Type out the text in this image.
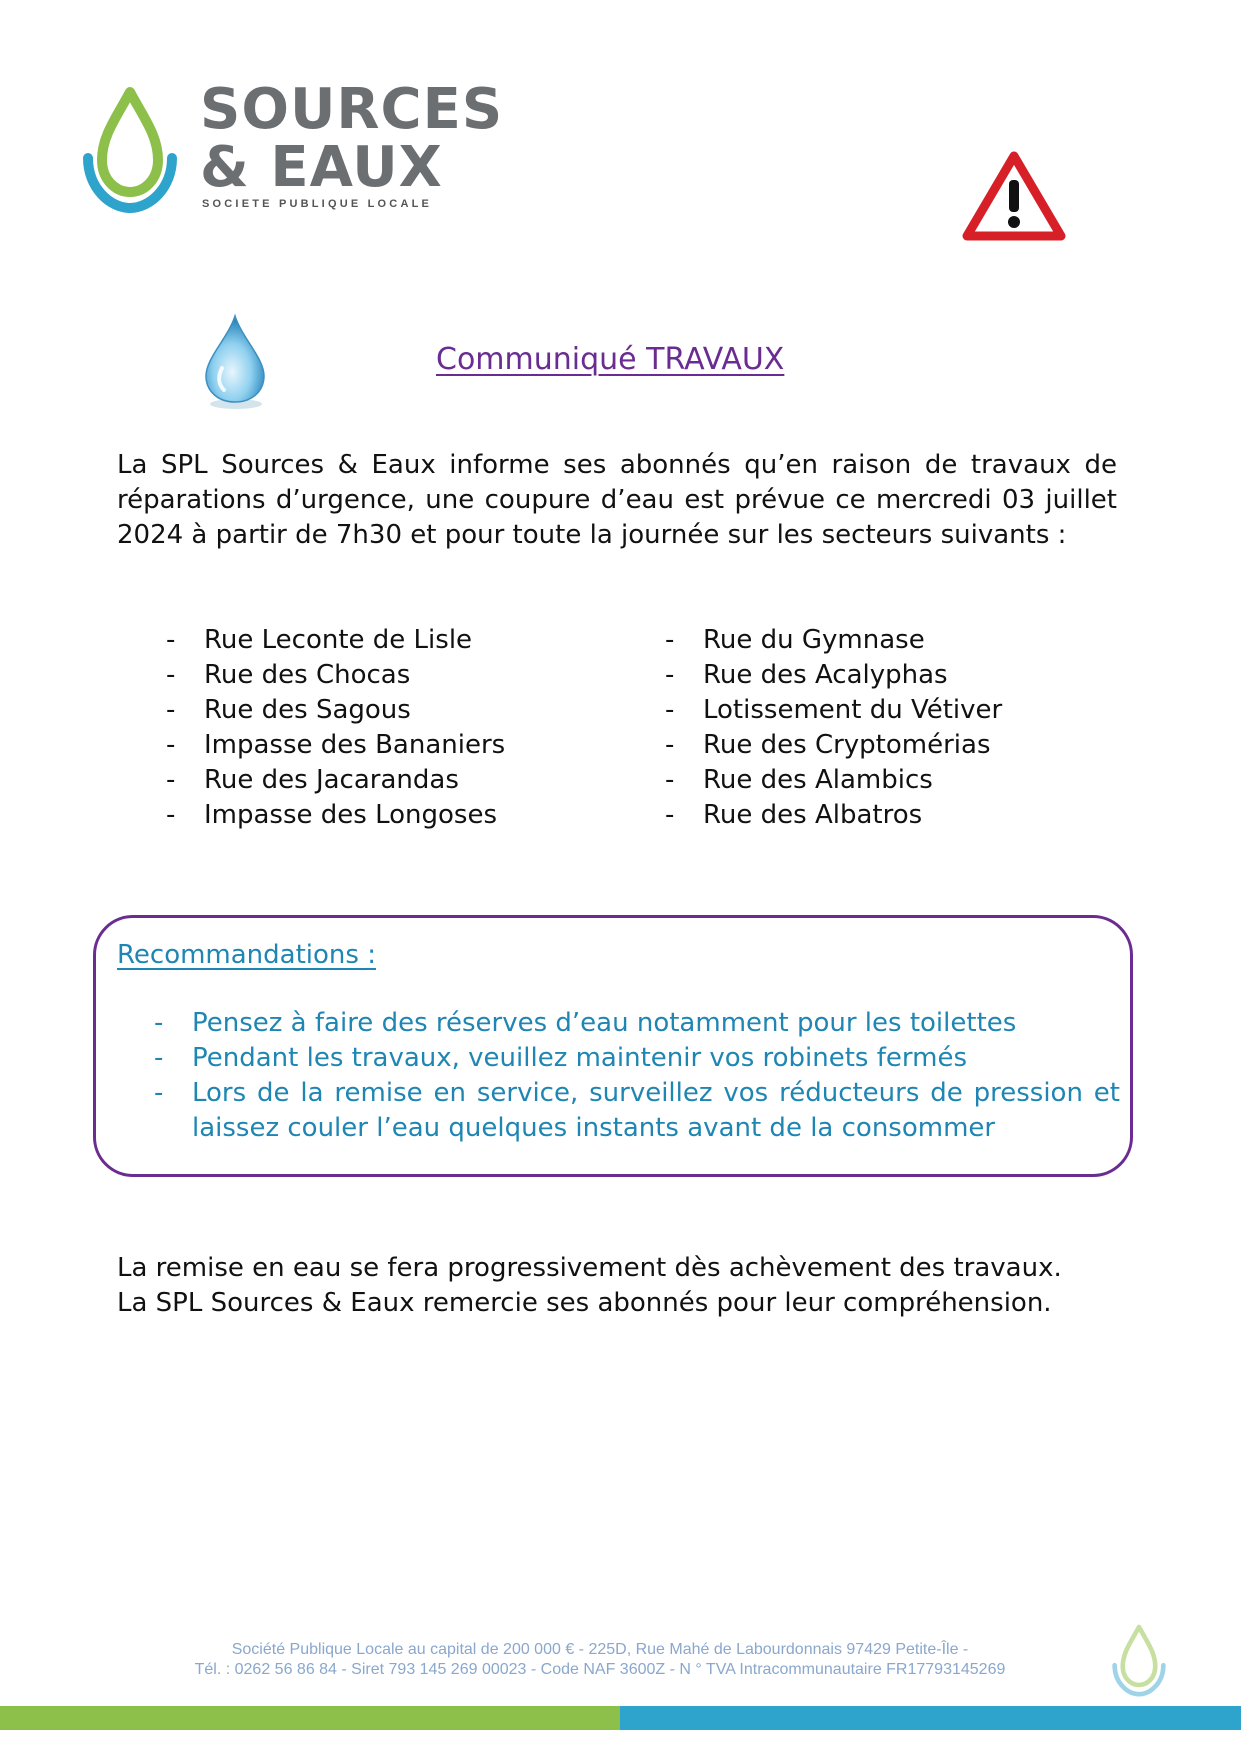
SOURCES
& EAUX
SOCIETE PUBLIQUE LOCALE
Communiqué TRAVAUX
La SPL Sources & Eaux informe ses abonnés qu’en raison de travaux de réparations d’urgence, une coupure d’eau est prévue ce mercredi 03 juillet 2024 à partir de 7h30 et pour toute la journée sur les secteurs suivants :
- Rue Leconte de Lisle
- Rue des Chocas
- Rue des Sagous
- Impasse des Bananiers
- Rue des Jacarandas
- Impasse des Longoses
- Rue du Gymnase
- Rue des Acalyphas
- Lotissement du Vétiver
- Rue des Cryptomérias
- Rue des Alambics
- Rue des Albatros
Recommandations :
- Pensez à faire des réserves d’eau notamment pour les toilettes
- Pendant les travaux, veuillez maintenir vos robinets fermés
- Lors de la remise en service, surveillez vos réducteurs de pression et laissez couler l’eau quelques instants avant de la consommer
La remise en eau se fera progressivement dès achèvement des travaux.
La SPL Sources & Eaux remercie ses abonnés pour leur compréhension.
Société Publique Locale au capital de 200 000 € - 225D, Rue Mahé de Labourdonnais 97429 Petite-Île -
Tél. : 0262 56 86 84 - Siret 793 145 269 00023 - Code NAF 3600Z - N ° TVA Intracommunautaire FR17793145269
